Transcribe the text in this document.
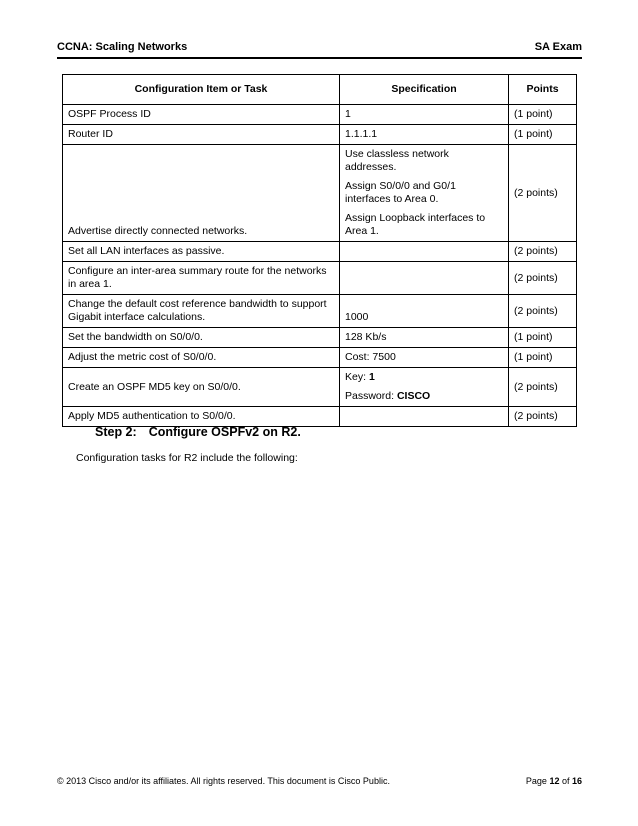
CCNA: Scaling Networks	SA Exam
Configuration Item or Task	Specification	Points
OSPF Process ID	1	(1 point)
Router ID	1.1.1.1	(1 point)
Advertise directly connected networks.	Use classless network addresses.

Assign S0/0/0 and G0/1 interfaces to Area 0.

Assign Loopback interfaces to Area 1.	(2 points)
Set all LAN interfaces as passive.		(2 points)
Configure an inter-area summary route for the networks in area 1.		(2 points)
Change the default cost reference bandwidth to support Gigabit interface calculations.	1000	(2 points)
Set the bandwidth on S0/0/0.	128 Kb/s	(1 point)
Adjust the metric cost of S0/0/0.	Cost: 7500	(1 point)
Create an OSPF MD5 key on S0/0/0.	Key: 1
Password: CISCO	(2 points)
Apply MD5 authentication to S0/0/0.		(2 points)
Step 2: Configure OSPFv2 on R2.
Configuration tasks for R2 include the following:
© 2013 Cisco and/or its affiliates. All rights reserved. This document is Cisco Public.	Page 12 of 16
